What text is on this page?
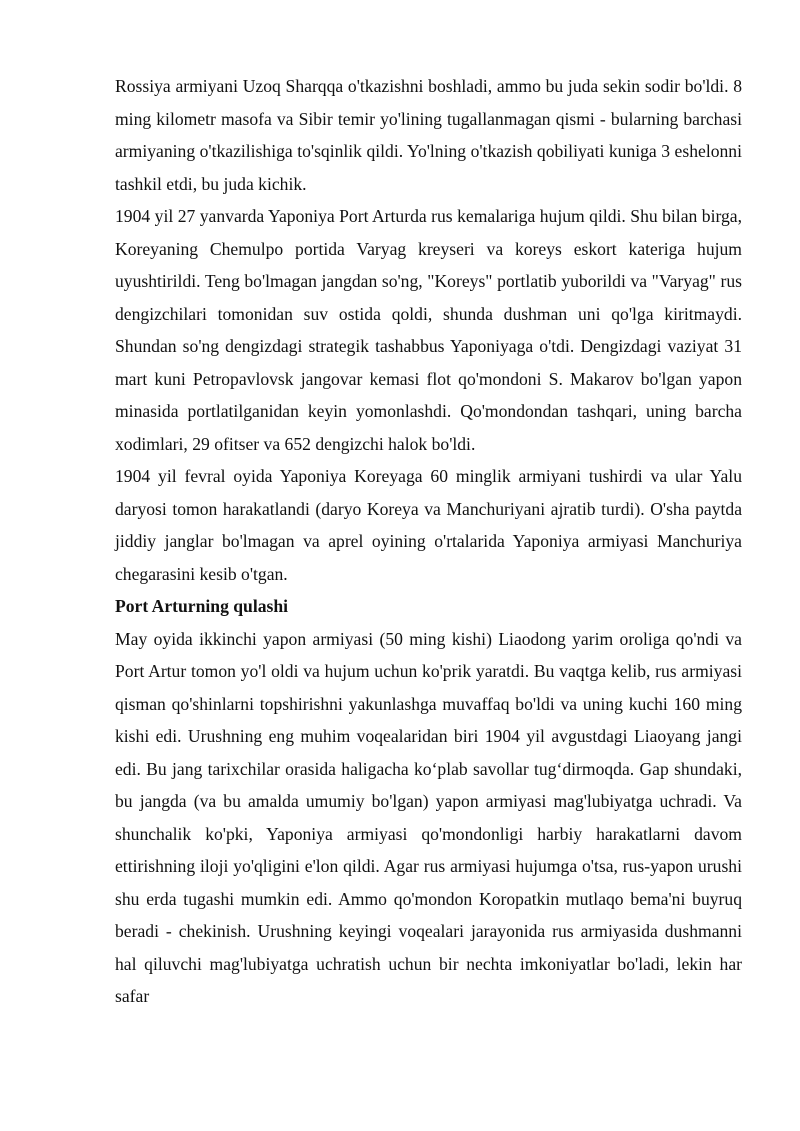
Rossiya armiyani Uzoq Sharqqa o'tkazishni boshladi, ammo bu juda sekin sodir bo'ldi. 8 ming kilometr masofa va Sibir temir yo'lining tugallanmagan qismi - bularning barchasi armiyaning o'tkazilishiga to'sqinlik qildi. Yo'lning o'tkazish qobiliyati kuniga 3 eshelonni tashkil etdi, bu juda kichik.

1904 yil 27 yanvarda Yaponiya Port Arturda rus kemalariga hujum qildi. Shu bilan birga, Koreyaning Chemulpo portida Varyag kreyseri va koreys eskort kateriga hujum uyushtirildi. Teng bo'lmagan jangdan so'ng, "Koreys" portlatib yuborildi va "Varyag" rus dengizchilari tomonidan suv ostida qoldi, shunda dushman uni qo'lga kiritmaydi. Shundan so'ng dengizdagi strategik tashabbus Yaponiyaga o'tdi. Dengizdagi vaziyat 31 mart kuni Petropavlovsk jangovar kemasi flot qo'mondoni S. Makarov bo'lgan yapon minasida portlatilganidan keyin yomonlashdi. Qo'mondondan tashqari, uning barcha xodimlari, 29 ofitser va 652 dengizchi halok bo'ldi.

1904 yil fevral oyida Yaponiya Koreyaga 60 minglik armiyani tushirdi va ular Yalu daryosi tomon harakatlandi (daryo Koreya va Manchuriyani ajratib turdi). O'sha paytda jiddiy janglar bo'lmagan va aprel oyining o'rtalarida Yaponiya armiyasi Manchuriya chegarasini kesib o'tgan.

Port Arturning qulashi

May oyida ikkinchi yapon armiyasi (50 ming kishi) Liaodong yarim oroliga qo'ndi va Port Artur tomon yo'l oldi va hujum uchun ko'prik yaratdi. Bu vaqtga kelib, rus armiyasi qisman qo'shinlarni topshirishni yakunlashga muvaffaq bo'ldi va uning kuchi 160 ming kishi edi. Urushning eng muhim voqealaridan biri 1904 yil avgustdagi Liaoyang jangi edi. Bu jang tarixchilar orasida haligacha ko‘plab savollar tug‘dirmoqda. Gap shundaki, bu jangda (va bu amalda umumiy bo'lgan) yapon armiyasi mag'lubiyatga uchradi. Va shunchalik ko'pki, Yaponiya armiyasi qo'mondonligi harbiy harakatlarni davom ettirishning iloji yo'qligini e'lon qildi. Agar rus armiyasi hujumga o'tsa, rus-yapon urushi shu erda tugashi mumkin edi. Ammo qo'mondon Koropatkin mutlaqo bema'ni buyruq beradi - chekinish. Urushning keyingi voqealari jarayonida rus armiyasida dushmanni hal qiluvchi mag'lubiyatga uchratish uchun bir nechta imkoniyatlar bo'ladi, lekin har safar
